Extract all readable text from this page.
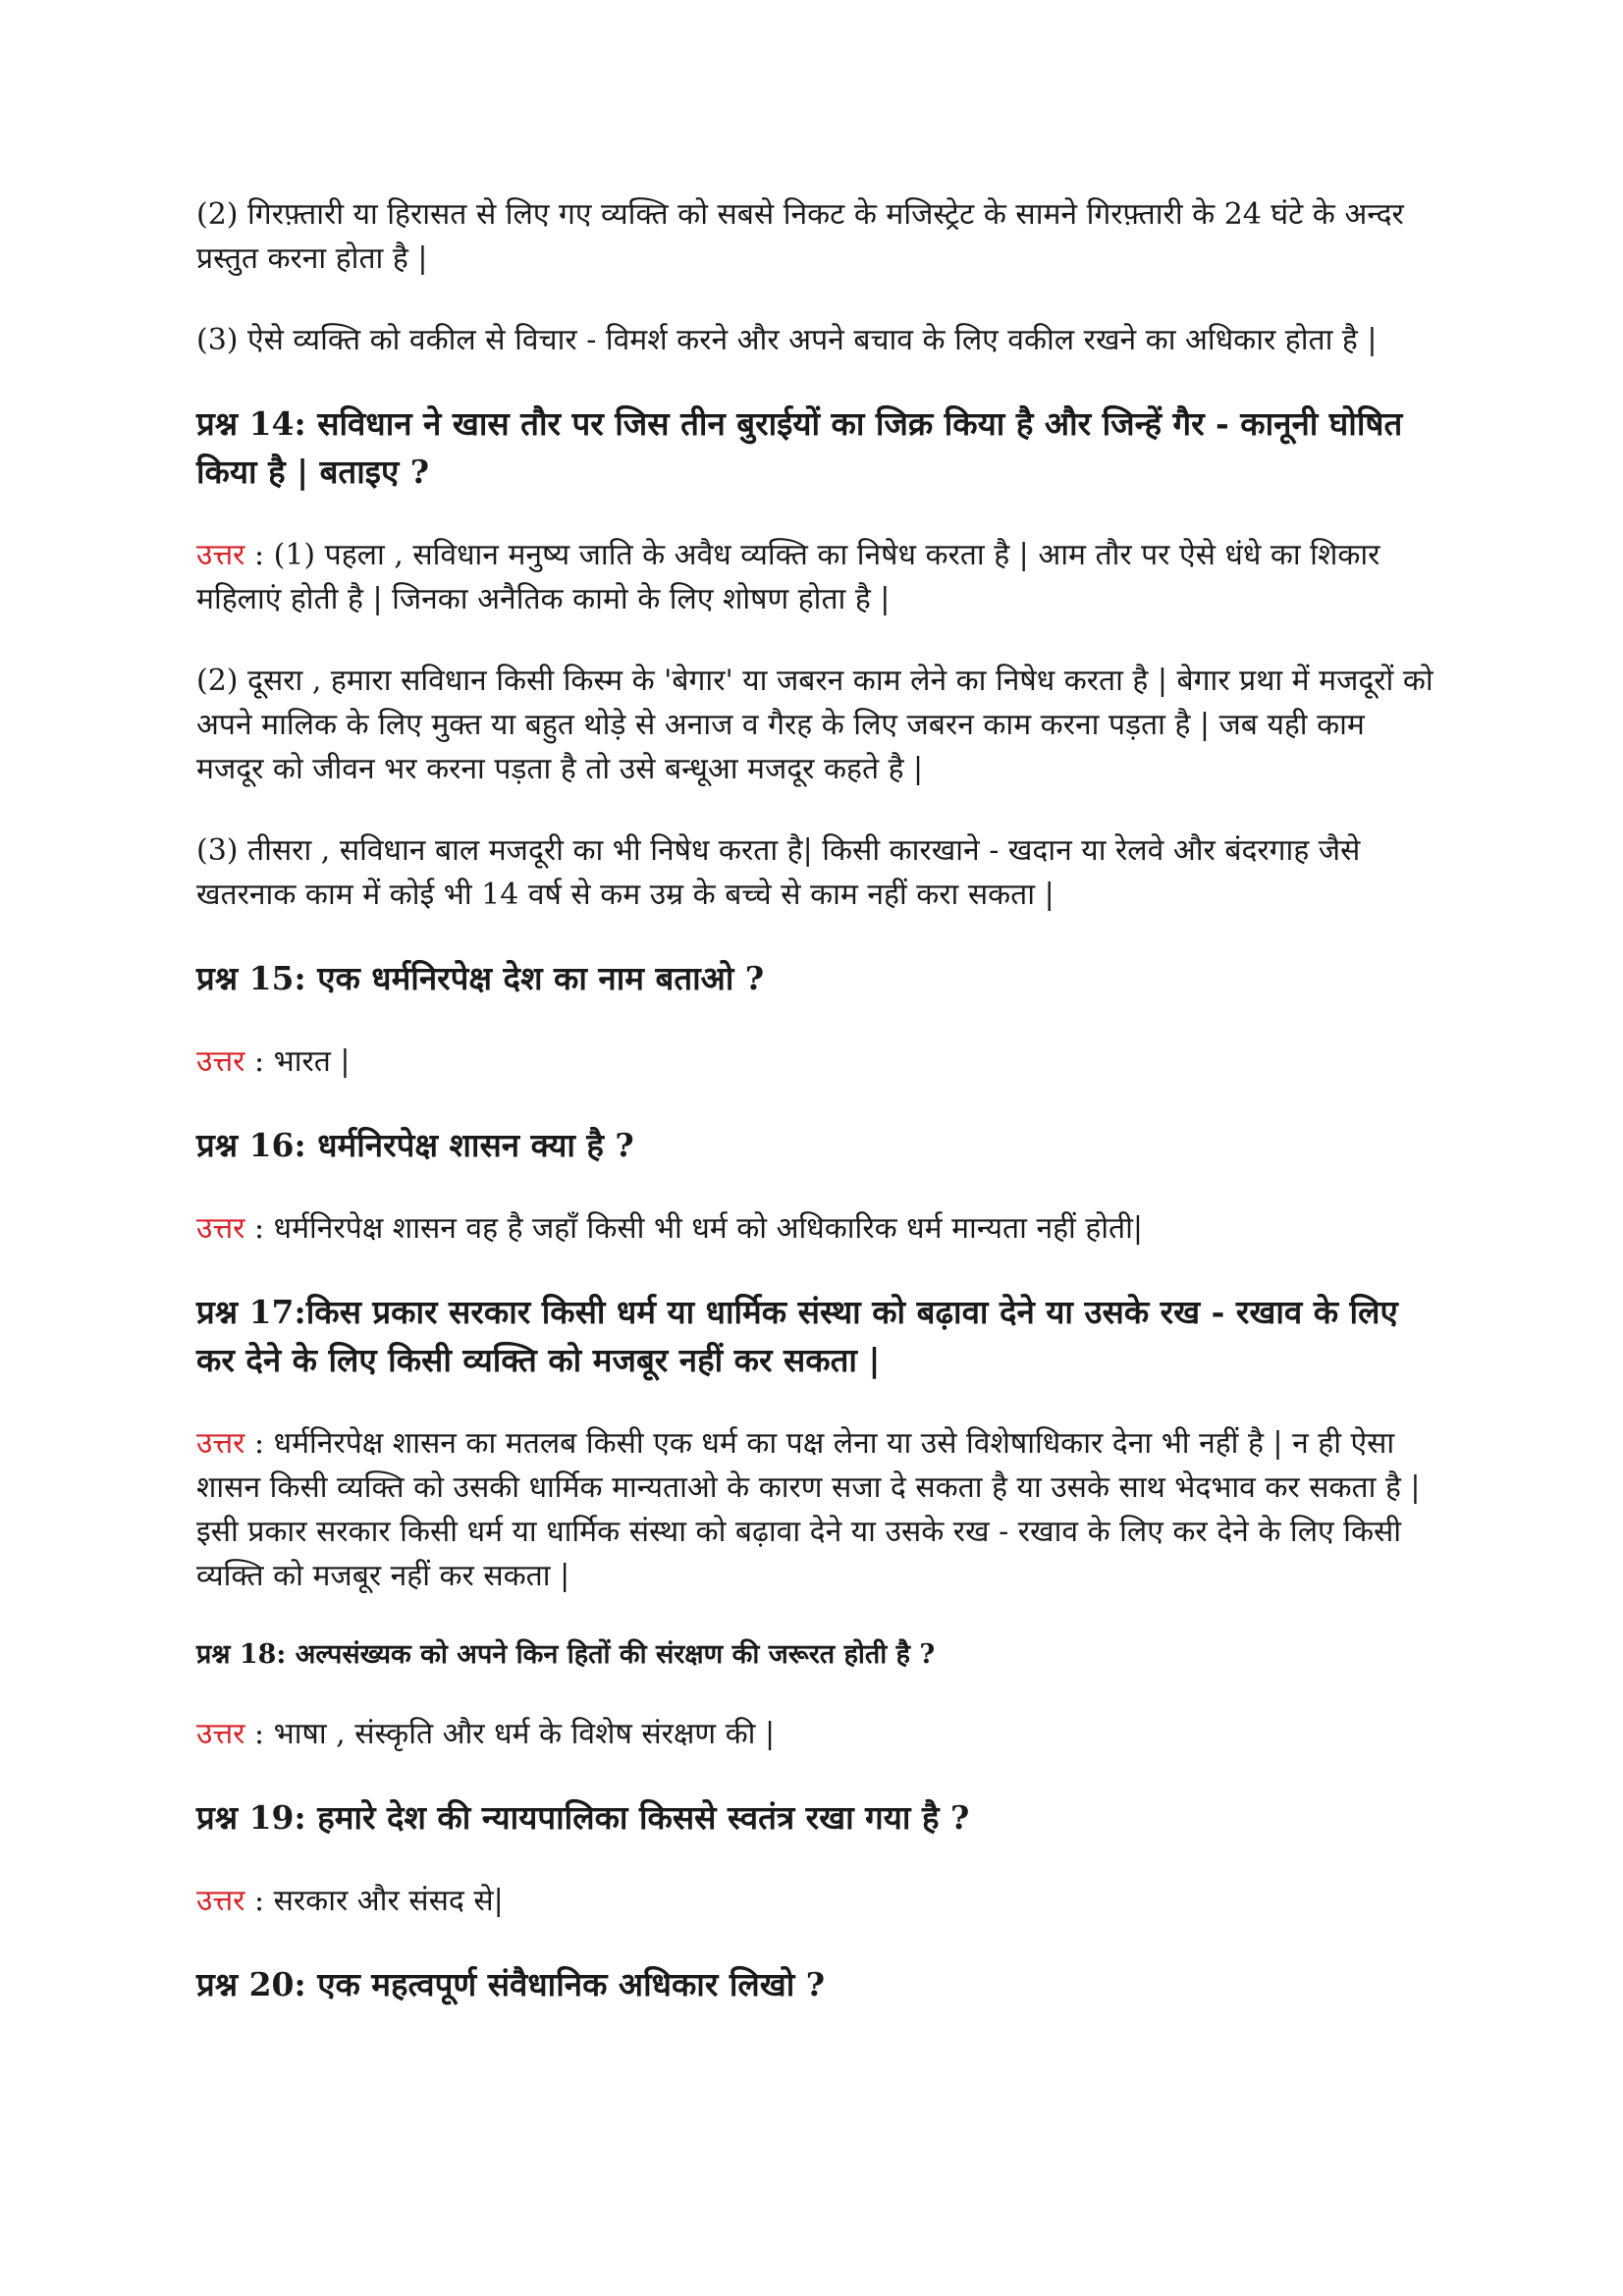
(2) गिरफ़्तारी या हिरासत से लिए गए व्यक्ति को सबसे निकट के मजिस्ट्रेट के सामने गिरफ़्तारी के 24 घंटे के अन्दर प्रस्तुत करना होता है |

(3) ऐसे व्यक्ति को वकील से विचार - विमर्श करने और अपने बचाव के लिए वकील रखने का अधिकार होता है |

प्रश्न 14: सविधान ने खास तौर पर जिस तीन बुराईयों का जिक्र किया है और जिन्हें गैर - कानूनी घोषित किया है | बताइए ?

उत्तर : (1) पहला , सविधान मनुष्य जाति के अवैध व्यक्ति का निषेध करता है | आम तौर पर ऐसे धंधे का शिकार महिलाएं होती है | जिनका अनैतिक कामो के लिए शोषण होता है |

(2) दूसरा , हमारा सविधान किसी किस्म के 'बेगार' या जबरन काम लेने का निषेध करता है | बेगार प्रथा में मजदूरों को अपने मालिक के लिए मुक्त या बहुत थोड़े से अनाज व गैरह के लिए जबरन काम करना पड़ता है | जब यही काम मजदूर को जीवन भर करना पड़ता है तो उसे बन्धूआ मजदूर कहते है |

(3) तीसरा , सविधान बाल मजदूरी का भी निषेध करता है| किसी कारखाने - खदान या रेलवे और बंदरगाह जैसे खतरनाक काम में कोई भी 14 वर्ष से कम उम्र के बच्चे से काम नहीं करा सकता |

प्रश्न 15: एक धर्मनिरपेक्ष देश का नाम बताओ ?

उत्तर : भारत |

प्रश्न 16: धर्मनिरपेक्ष शासन क्या है ?

उत्तर : धर्मनिरपेक्ष शासन वह है जहाँ किसी भी धर्म को अधिकारिक धर्म मान्यता नहीं होती|

प्रश्न 17:किस प्रकार सरकार किसी धर्म या धार्मिक संस्था को बढ़ावा देने या उसके रख - रखाव के लिए कर देने के लिए किसी व्यक्ति को मजबूर नहीं कर सकता |

उत्तर : धर्मनिरपेक्ष शासन का मतलब किसी एक धर्म का पक्ष लेना या उसे विशेषाधिकार देना भी नहीं है | न ही ऐसा शासन किसी व्यक्ति को उसकी धार्मिक मान्यताओ के कारण सजा दे सकता है या उसके साथ भेदभाव कर सकता है | इसी प्रकार सरकार किसी धर्म या धार्मिक संस्था को बढ़ावा देने या उसके रख - रखाव के लिए कर देने के लिए किसी व्यक्ति को मजबूर नहीं कर सकता |

प्रश्न 18: अल्पसंख्यक को अपने किन हितों की संरक्षण की जरूरत होती है ?

उत्तर : भाषा , संस्कृति और धर्म के विशेष संरक्षण की |

प्रश्न 19: हमारे देश की न्यायपालिका किससे स्वतंत्र रखा गया है ?

उत्तर : सरकार और संसद से|

प्रश्न 20: एक महत्वपूर्ण संवैधानिक अधिकार लिखो ?
